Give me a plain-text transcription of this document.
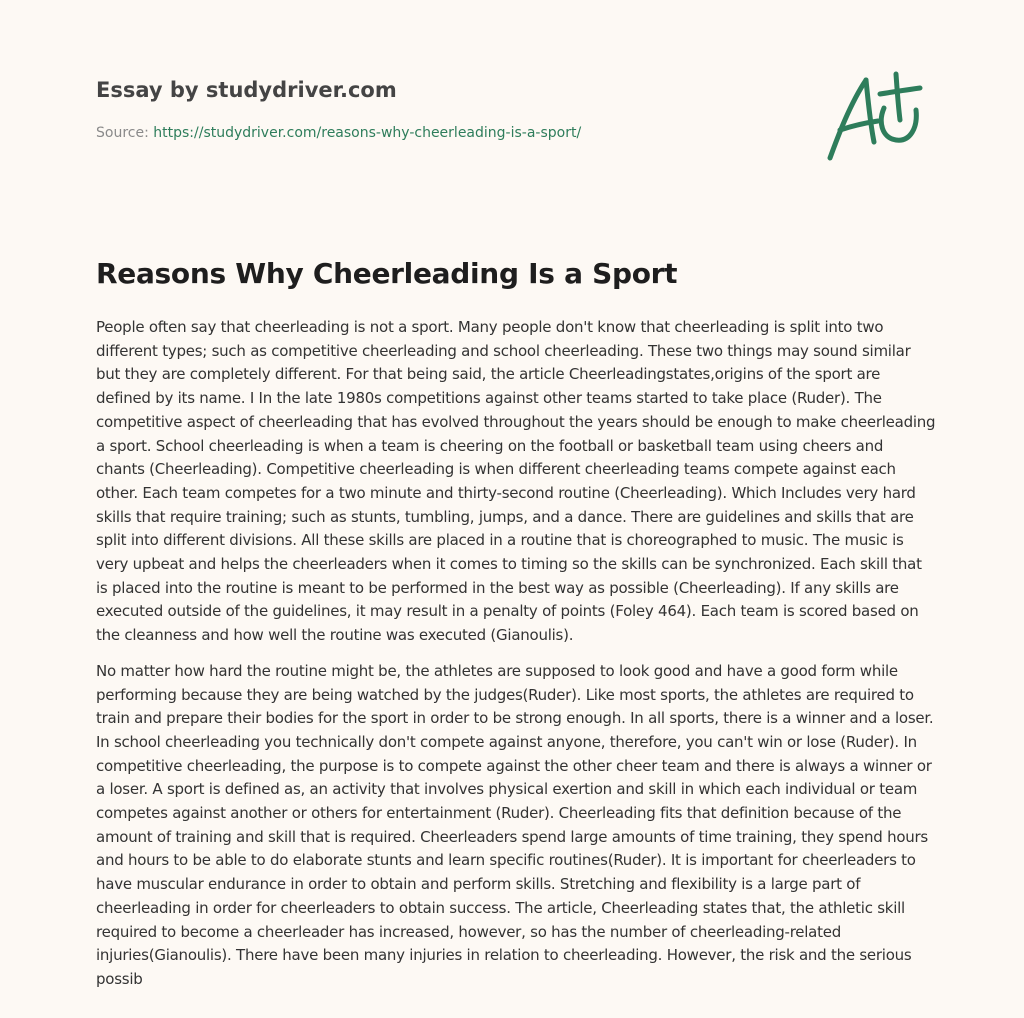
Essay by studydriver.com
Source: https://studydriver.com/reasons-why-cheerleading-is-a-sport/
Reasons Why Cheerleading Is a Sport

People often say that cheerleading is not a sport. Many people don't know that cheerleading is split into two different types; such as competitive cheerleading and school cheerleading. These two things may sound similar but they are completely different. For that being said, the article Cheerleadingstates,origins of the sport are defined by its name. I In the late 1980s competitions against other teams started to take place (Ruder). The competitive aspect of cheerleading that has evolved throughout the years should be enough to make cheerleading a sport. School cheerleading is when a team is cheering on the football or basketball team using cheers and chants (Cheerleading). Competitive cheerleading is when different cheerleading teams compete against each other. Each team competes for a two minute and thirty-second routine (Cheerleading). Which Includes very hard skills that require training; such as stunts, tumbling, jumps, and a dance. There are guidelines and skills that are split into different divisions. All these skills are placed in a routine that is choreographed to music. The music is very upbeat and helps the cheerleaders when it comes to timing so the skills can be synchronized. Each skill that is placed into the routine is meant to be performed in the best way as possible (Cheerleading). If any skills are executed outside of the guidelines, it may result in a penalty of points (Foley 464). Each team is scored based on the cleanness and how well the routine was executed (Gianoulis).

No matter how hard the routine might be, the athletes are supposed to look good and have a good form while performing because they are being watched by the judges(Ruder). Like most sports, the athletes are required to train and prepare their bodies for the sport in order to be strong enough. In all sports, there is a winner and a loser. In school cheerleading you technically don't compete against anyone, therefore, you can't win or lose (Ruder). In competitive cheerleading, the purpose is to compete against the other cheer team and there is always a winner or a loser. A sport is defined as, an activity that involves physical exertion and skill in which each individual or team competes against another or others for entertainment (Ruder). Cheerleading fits that definition because of the amount of training and skill that is required. Cheerleaders spend large amounts of time training, they spend hours and hours to be able to do elaborate stunts and learn specific routines(Ruder). It is important for cheerleaders to have muscular endurance in order to obtain and perform skills. Stretching and flexibility is a large part of cheerleading in order for cheerleaders to obtain success. The article, Cheerleading states that, the athletic skill required to become a cheerleader has increased, however, so has the number of cheerleading-related injuries(Gianoulis). There have been many injuries in relation to cheerleading. However, the risk and the serious possib
